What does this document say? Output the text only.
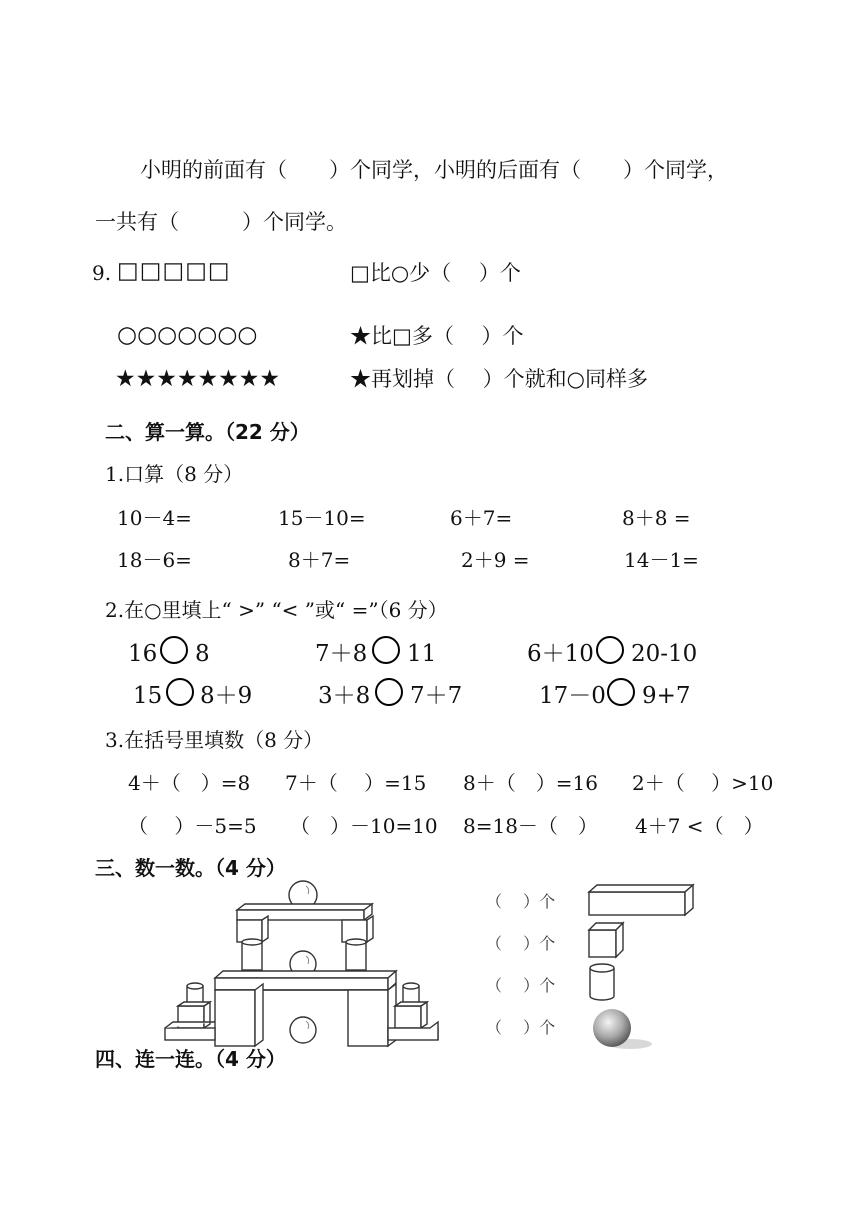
小明的前面有（　　）个同学，小明的后面有（　　）个同学，
一共有（　　　）个同学。
9. □□□□□	□比○少（　 ）个
○○○○○○○	★比□多（　 ）个
★★★★★★★★	★再划掉（　 ）个就和○同样多
二、算一算。（22 分）
1.口算（8 分）
10－4=	15－10=	6＋7=	8＋8 =
18－6=	8＋7=	2＋9 =	14－1=
2.在○里填上“ >” “< ”或“ =”（6 分）
16 8	7＋8 11	6＋10 20-10
15 8＋9	3＋8 7＋7	17－0 9+7
3.在括号里填数（8 分）
4＋（　）=8 7＋（　 ）=15 8＋（　）=16 2＋（　 ）>10
（　 ）－5=5 （　）－10=10 8=18－（　） 4＋7 <（　）
三、数一数。（4 分）
（　 ）个
（　 ）个
（　 ）个
（　 ）个
四、连一连。（4 分）
